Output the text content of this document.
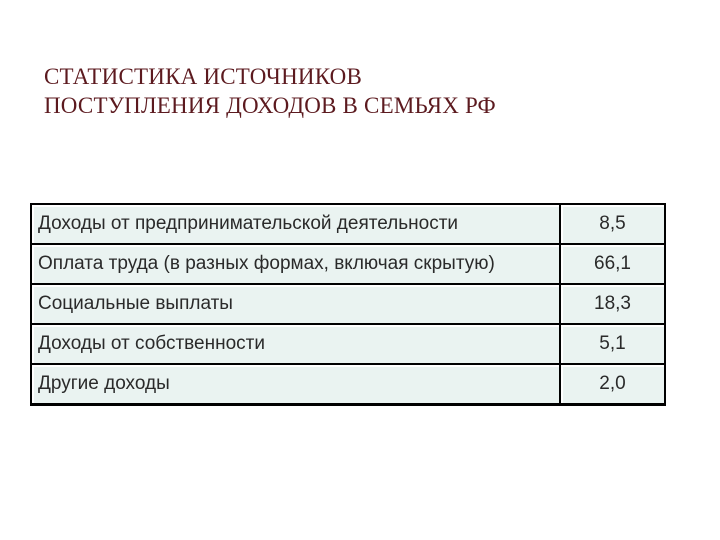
СТАТИСТИКА ИСТОЧНИКОВ
ПОСТУПЛЕНИЯ ДОХОДОВ В СЕМЬЯХ РФ
Доходы от предпринимательской деятельности	8,5
Оплата труда (в разных формах, включая скрытую)	66,1
Социальные выплаты	18,3
Доходы от собственности	5,1
Другие доходы	2,0
